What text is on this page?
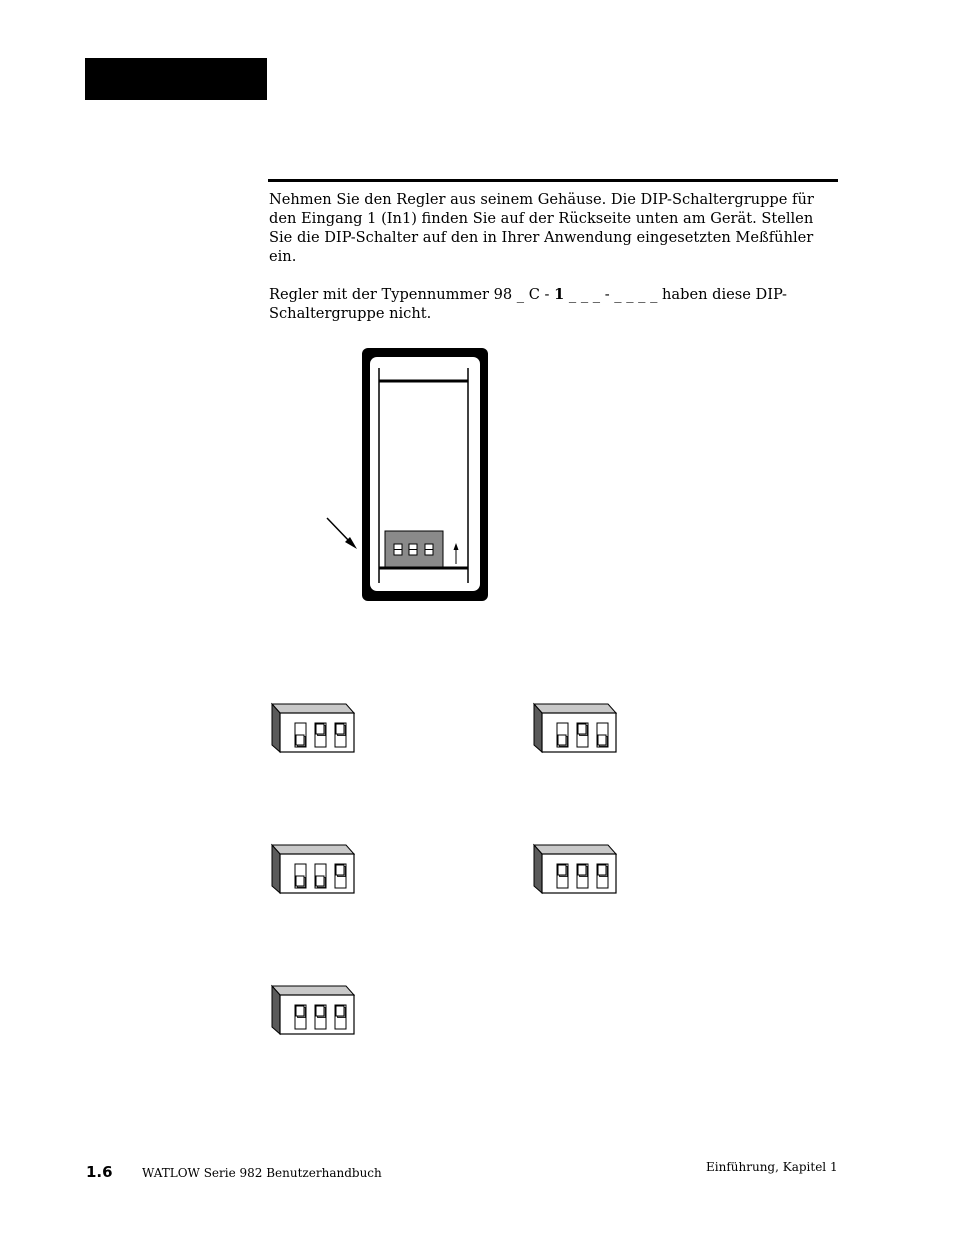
Nehmen Sie den Regler aus seinem Gehäuse. Die DIP-Schaltergruppe für den Eingang 1 (In1) finden Sie auf der Rückseite unten am Gerät. Stellen Sie die DIP-Schalter auf den in Ihrer Anwendung eingesetzten Meßfühler ein.

Regler mit der Typennummer 98 _ C - 1 _ _ _ - _ _ _ _ haben diese DIP-Schaltergruppe nicht.

1.6 WATLOW Serie 982 Benutzerhandbuch	Einführung, Kapitel 1
